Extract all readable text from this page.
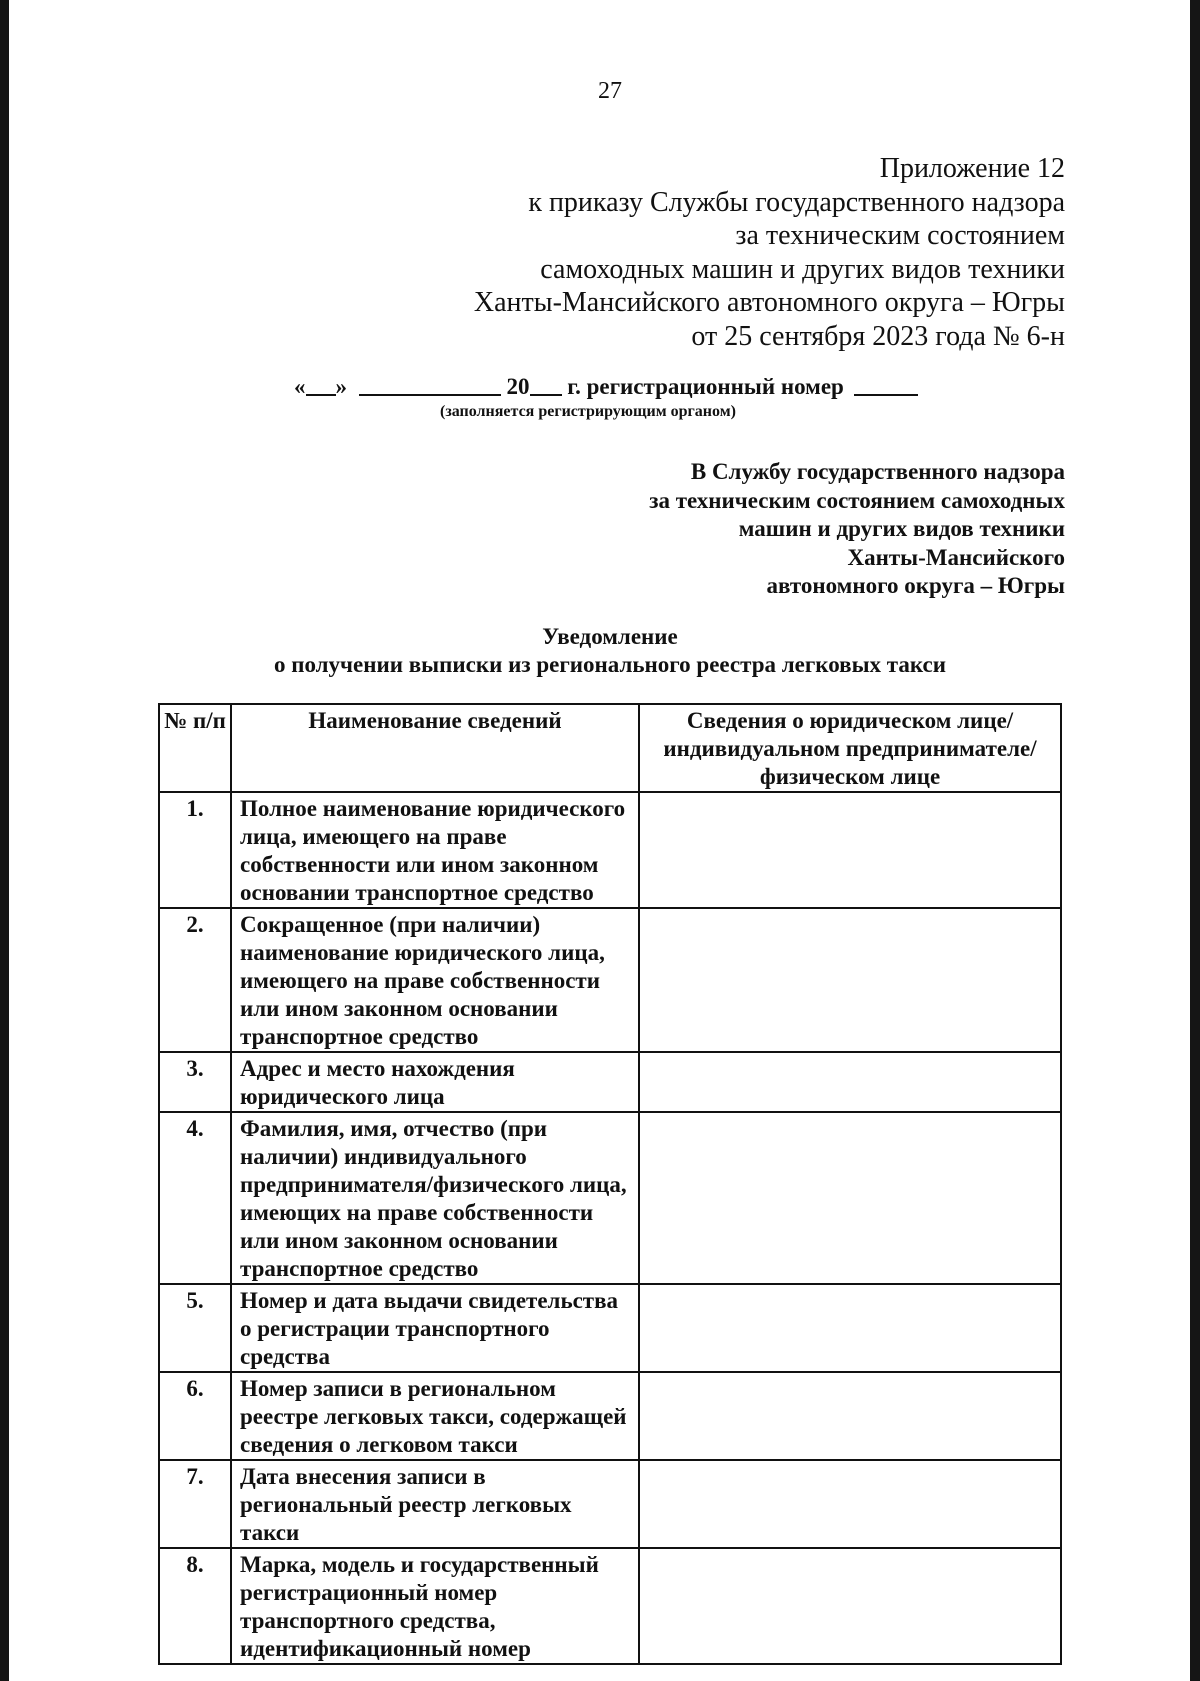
27
Приложение 12
к приказу Службы государственного надзора
за техническим состоянием
самоходных машин и других видов техники
Ханты-Мансийского автономного округа – Югры
от 25 сентября 2023 года № 6-н
« »	20 г. регистрационный номер
(заполняется регистрирующим органом)
В Службу государственного надзора
за техническим состоянием самоходных
машин и других видов техники
Ханты-Мансийского
автономного округа – Югры
Уведомление
о получении выписки из регионального реестра легковых такси
№ п/п	Наименование сведений	Сведения о юридическом лице/ индивидуальном предпринимателе/ физическом лице
1.	Полное наименование юридического лица, имеющего на праве собственности или ином законном основании транспортное средство	
2.	Сокращенное (при наличии) наименование юридического лица, имеющего на праве собственности или ином законном основании транспортное средство	
3.	Адрес и место нахождения юридического лица	
4.	Фамилия, имя, отчество (при наличии) индивидуального предпринимателя/физического лица, имеющих на праве собственности или ином законном основании транспортное средство	
5.	Номер и дата выдачи свидетельства о регистрации транспортного средства	
6.	Номер записи в региональном реестре легковых такси, содержащей сведения о легковом такси	
7.	Дата внесения записи в региональный реестр легковых такси	
8.	Марка, модель и государственный регистрационный номер транспортного средства, идентификационный номер	
